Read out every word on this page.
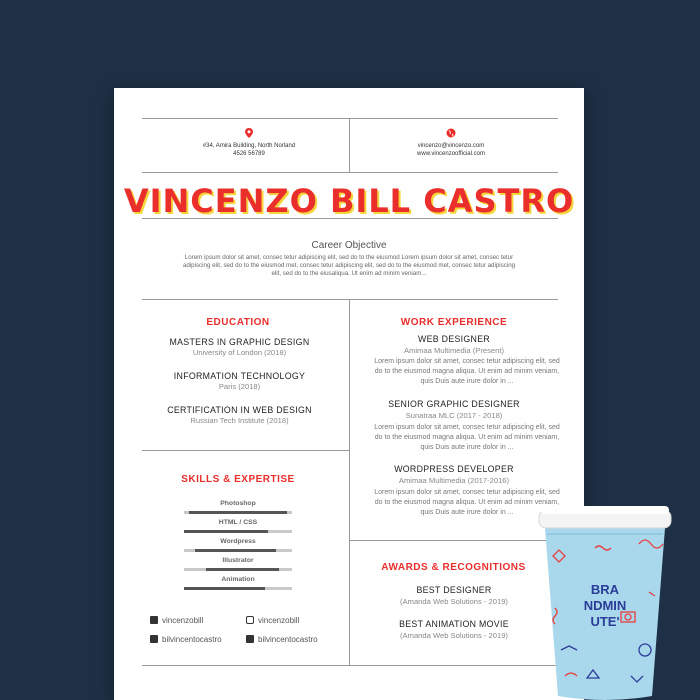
#34, Amira Building, North Norland
4526 56789
vincenzo@vincenzo.com
www.vincenzoofficial.com
VINCENZO BILL CASTRO
Career Objective
Lorem ipsum dolor sit amet, consec tetur adipiscing elit, sed do to the eiusmod Lorem ipsum dolor sit amet, consec tetur adipiscing elit, sed do to the eiusmod met, consec tetur adipiscing elit, sed do to the eiusmod met, consec tetur adipiscing elit, sed do to the eiusaliqua. Ut enim ad minim veniam...
EDUCATION
MASTERS IN GRAPHIC DESIGN
University of London (2018)
INFORMATION TECHNOLOGY
Paris (2018)
CERTIFICATION IN WEB DESIGN
Russian Tech Institute (2018)
SKILLS & EXPERTISE
vincenzobill	vincenzobill
bilvincentocastro	bilvincentocastro
WORK EXPERIENCE
WEB DESIGNER
Amimaa Multimedia (Present)
Lorem ipsum dolor sit amet, consec tetur adipiscing elit, sed do to the eiusmod magna aliqua. Ut enim ad minim veniam, quis Duis aute irure dolor in ...
SENIOR GRAPHIC DESIGNER
Sunatraa MLC (2017 - 2018)
Lorem ipsum dolor sit amet, consec tetur adipiscing elit, sed do to the eiusmod magna aliqua. Ut enim ad minim veniam, quis Duis aute irure dolor in ...
WORDPRESS DEVELOPER
Amimaa Multimedia (2017-2016)
Lorem ipsum dolor sit amet, consec tetur adipiscing elit, sed do to the eiusmod magna aliqua. Ut enim ad minim veniam, quis Duis aute irure dolor in ...
AWARDS & RECOGNITIONS
BEST DESIGNER
(Amanda Web Solutions - 2019)
BEST ANIMATION MOVIE
(Amanda Web Solutions - 2019)
Photoshop
HTML / CSS
Wordpress
Illustrator
Animation
BRA
NDMIN
UTE'
